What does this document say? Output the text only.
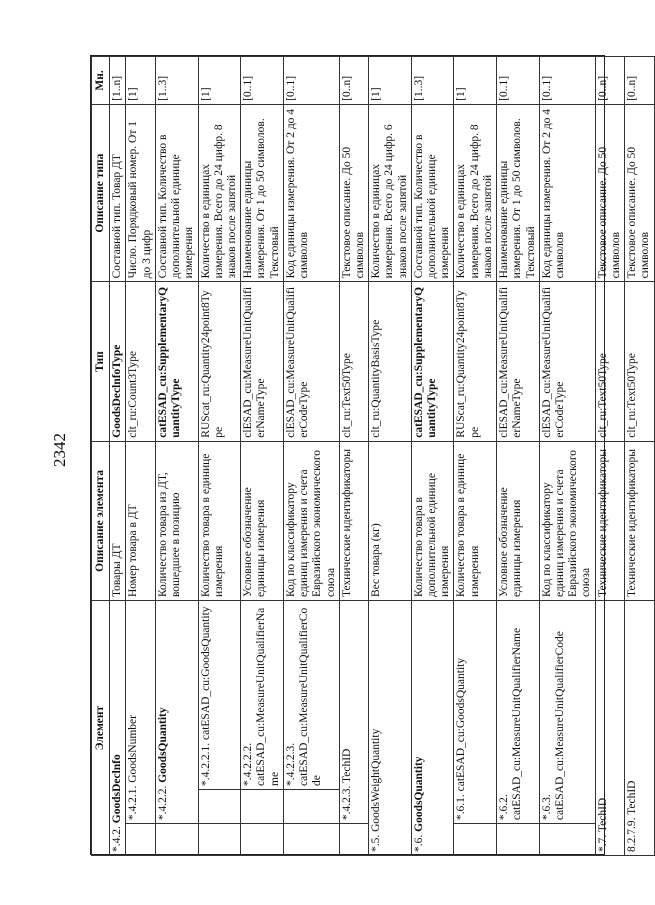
2342
Элемент			Описание элемента	Тип	Описание типа	Мн.
*.4.2. GoodsDeclnfo			Товары ДТ	GoodsDeclnfoType	Составной тип. Товар ДТ	[1..n]
	*.4.2.1. GoodsNumber		Номер товара в ДТ	clt_ru:Count3Type	Число. Порядковый номер. От 1 до 3 цифр	[1]
	*.4.2.2. GoodsQuantity		Количество товара из ДТ, вошедшее в позицию	catESAD_cu:SupplementaryQuantityType	Составной тип. Количество в дополнительной единице измерения	[1..3]
		*.4.2.2.1. catESAD_cu:GoodsQuantity	Количество товара в единице измерения	RUScat_ru:Quantity24point8Type	Количество в единицах измерения. Всего до 24 цифр. 8 знаков после запятой	[1]
		*.4.2.2.2. catESAD_cu:MeasureUnitQualifierName	Условное обозначение единицы измерения	clESAD_cu:MeasureUnitQualifierNameType	Наименование единицы измерения. От 1 до 50 символов. Текстовый	[0..1]
		*.4.2.2.3. catESAD_cu:MeasureUnitQualifierCode	Код по классификатору единиц измерения и счета Евразийского экономического союза	clESAD_cu:MeasureUnitQualifierCodeType	Код единицы измерения. От 2 до 4 символов	[0..1]
	*.4.2.3. TechID		Технические идентификаторы	clt_ru:Text50Type	Текстовое описание. До 50 символов	[0..n]
*.5. GoodsWeightQuantity			Вес товара (кг)	clt_ru:QuantityBasisType	Количество в единицах измерения. Всего до 24 цифр. 6 знаков после запятой	[1]
*.6. GoodsQuantity			Количество товара в дополнительной единице измерения	catESAD_cu:SupplementaryQuantityType	Составной тип. Количество в дополнительной единице измерения	[1..3]
	*.6.1. catESAD_cu:GoodsQuantity		Количество товара в единице измерения	RUScat_ru:Quantity24point8Type	Количество в единицах измерения. Всего до 24 цифр. 8 знаков после запятой	[1]
	*.6.2. catESAD_cu:MeasureUnitQualifierName		Условное обозначение единицы измерения	clESAD_cu:MeasureUnitQualifierNameType	Наименование единицы измерения. От 1 до 50 символов. Текстовый	[0..1]
	*.6.3. catESAD_cu:MeasureUnitQualifierCode		Код по классификатору единиц измерения и счета Евразийского экономического союза	clESAD_cu:MeasureUnitQualifierCodeType	Код единицы измерения. От 2 до 4 символов	[0..1]
*.7. TechID			Технические идентификаторы	clt_ru:Text50Type	Текстовое описание. До 50 символов	[0..n]
8.2.7.9. TechID			Технические идентификаторы	clt_ru:Text50Type	Текстовое описание. До 50 символов	[0..n]
